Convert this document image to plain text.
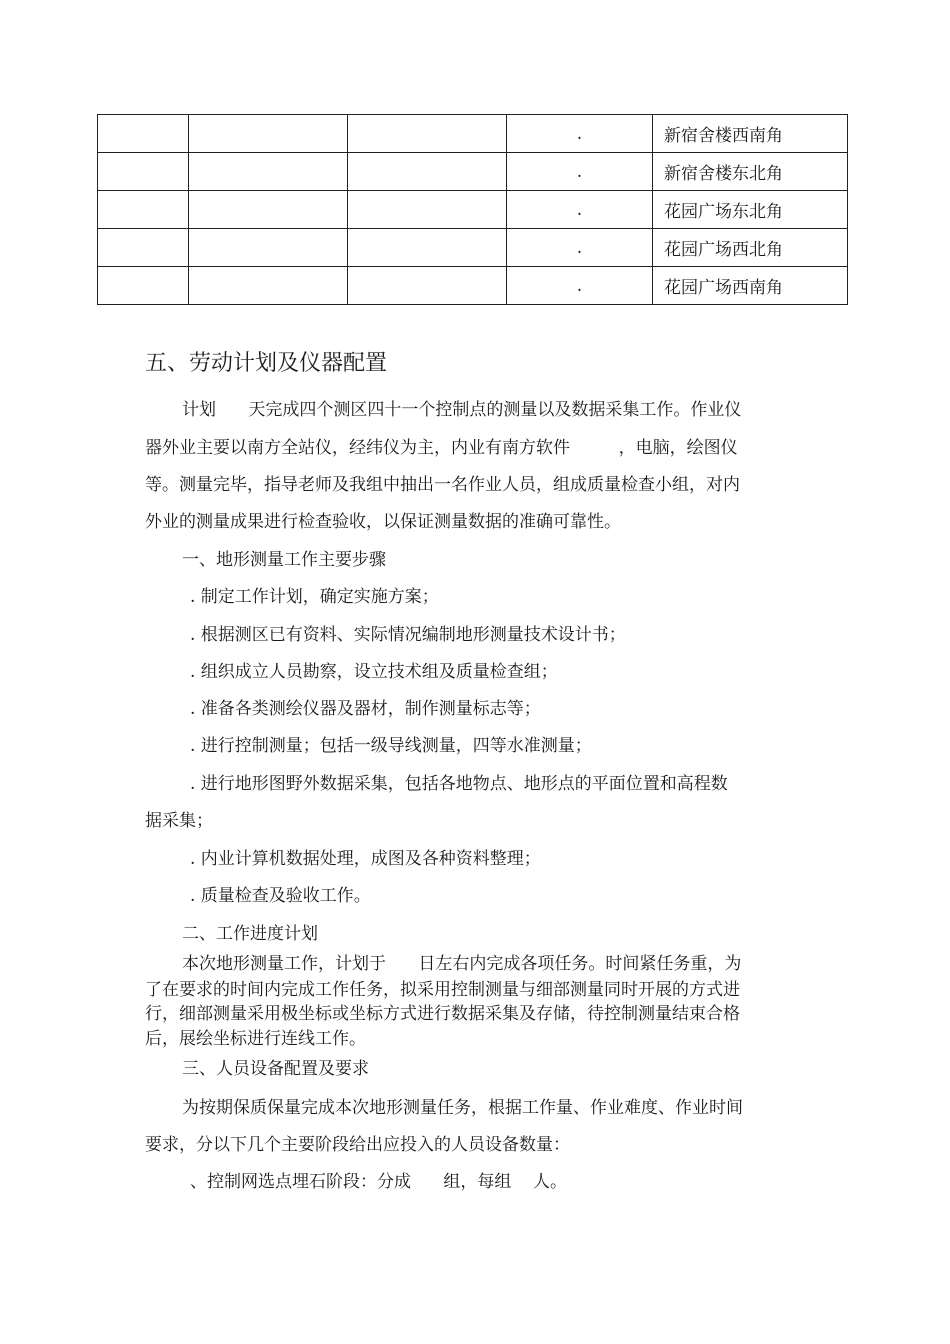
			.	新宿舍楼西南角
			.	新宿舍楼东北角
			.	花园广场东北角
			.	花园广场西北角
			.	花园广场西南角
五、劳动计划及仪器配置
计划      天完成四个测区四十一个控制点的测量以及数据采集工作。作业仪
器外业主要以南方全站仪，经纬仪为主，内业有南方软件         ，电脑，绘图仪
等。测量完毕，指导老师及我组中抽出一名作业人员，组成质量检查小组，对内
外业的测量成果进行检查验收，以保证测量数据的准确可靠性。
一、地形测量工作主要步骤
. 制定工作计划，确定实施方案；
. 根据测区已有资料、实际情况编制地形测量技术设计书；
. 组织成立人员勘察，设立技术组及质量检查组；
. 准备各类测绘仪器及器材，制作测量标志等；
. 进行控制测量；包括一级导线测量，四等水准测量；
. 进行地形图野外数据采集，包括各地物点、地形点的平面位置和高程数
据采集；
. 内业计算机数据处理，成图及各种资料整理；
. 质量检查及验收工作。
二、工作进度计划
本次地形测量工作，计划于      日左右内完成各项任务。时间紧任务重，为
了在要求的时间内完成工作任务，拟采用控制测量与细部测量同时开展的方式进
行，细部测量采用极坐标或坐标方式进行数据采集及存储，待控制测量结束合格
后，展绘坐标进行连线工作。
三、人员设备配置及要求
为按期保质保量完成本次地形测量任务，根据工作量、作业难度、作业时间
要求，分以下几个主要阶段给出应投入的人员设备数量：
、控制网选点埋石阶段：分成      组，每组    人。
